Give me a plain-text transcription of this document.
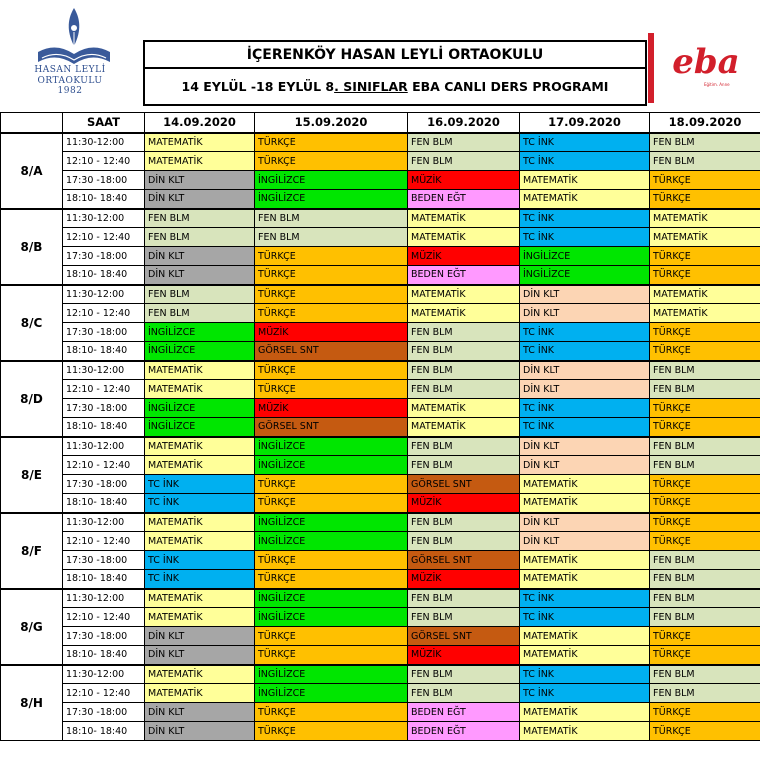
HASAN LEYLİ
ORTAOKULU
1982
İÇERENKÖY HASAN LEYLİ ORTAOKULU
14 EYLÜL -18 EYLÜL 8. SINIFLAR EBA CANLI DERS PROGRAMI
eba
Eğitim. Anne
	SAAT	14.09.2020	15.09.2020	16.09.2020	17.09.2020	18.09.2020
8/A	11:30-12:00	MATEMATİK	TÜRKÇE	FEN BLM	TC İNK	FEN BLM
	12:10 - 12:40	MATEMATİK	TÜRKÇE	FEN BLM	TC İNK	FEN BLM
	17:30 -18:00	DİN KLT	İNGİLİZCE	MÜZİK	MATEMATİK	TÜRKÇE
	18:10- 18:40	DİN KLT	İNGİLİZCE	BEDEN EĞT	MATEMATİK	TÜRKÇE
8/B	11:30-12:00	FEN BLM	FEN BLM	MATEMATİK	TC İNK	MATEMATİK
	12:10 - 12:40	FEN BLM	FEN BLM	MATEMATİK	TC İNK	MATEMATİK
	17:30 -18:00	DİN KLT	TÜRKÇE	MÜZİK	İNGİLİZCE	TÜRKÇE
	18:10- 18:40	DİN KLT	TÜRKÇE	BEDEN EĞT	İNGİLİZCE	TÜRKÇE
8/C	11:30-12:00	FEN BLM	TÜRKÇE	MATEMATİK	DİN KLT	MATEMATİK
	12:10 - 12:40	FEN BLM	TÜRKÇE	MATEMATİK	DİN KLT	MATEMATİK
	17:30 -18:00	İNGİLİZCE	MÜZİK	FEN BLM	TC İNK	TÜRKÇE
	18:10- 18:40	İNGİLİZCE	GÖRSEL SNT	FEN BLM	TC İNK	TÜRKÇE
8/D	11:30-12:00	MATEMATİK	TÜRKÇE	FEN BLM	DİN KLT	FEN BLM
	12:10 - 12:40	MATEMATİK	TÜRKÇE	FEN BLM	DİN KLT	FEN BLM
	17:30 -18:00	İNGİLİZCE	MÜZİK	MATEMATİK	TC İNK	TÜRKÇE
	18:10- 18:40	İNGİLİZCE	GÖRSEL SNT	MATEMATİK	TC İNK	TÜRKÇE
8/E	11:30-12:00	MATEMATİK	İNGİLİZCE	FEN BLM	DİN KLT	FEN BLM
	12:10 - 12:40	MATEMATİK	İNGİLİZCE	FEN BLM	DİN KLT	FEN BLM
	17:30 -18:00	TC İNK	TÜRKÇE	GÖRSEL SNT	MATEMATİK	TÜRKÇE
	18:10- 18:40	TC İNK	TÜRKÇE	MÜZİK	MATEMATİK	TÜRKÇE
8/F	11:30-12:00	MATEMATİK	İNGİLİZCE	FEN BLM	DİN KLT	TÜRKÇE
	12:10 - 12:40	MATEMATİK	İNGİLİZCE	FEN BLM	DİN KLT	TÜRKÇE
	17:30 -18:00	TC İNK	TÜRKÇE	GÖRSEL SNT	MATEMATİK	FEN BLM
	18:10- 18:40	TC İNK	TÜRKÇE	MÜZİK	MATEMATİK	FEN BLM
8/G	11:30-12:00	MATEMATİK	İNGİLİZCE	FEN BLM	TC İNK	FEN BLM
	12:10 - 12:40	MATEMATİK	İNGİLİZCE	FEN BLM	TC İNK	FEN BLM
	17:30 -18:00	DİN KLT	TÜRKÇE	GÖRSEL SNT	MATEMATİK	TÜRKÇE
	18:10- 18:40	DİN KLT	TÜRKÇE	MÜZİK	MATEMATİK	TÜRKÇE
8/H	11:30-12:00	MATEMATİK	İNGİLİZCE	FEN BLM	TC İNK	FEN BLM
	12:10 - 12:40	MATEMATİK	İNGİLİZCE	FEN BLM	TC İNK	FEN BLM
	17:30 -18:00	DİN KLT	TÜRKÇE	BEDEN EĞT	MATEMATİK	TÜRKÇE
	18:10- 18:40	DİN KLT	TÜRKÇE	BEDEN EĞT	MATEMATİK	TÜRKÇE
